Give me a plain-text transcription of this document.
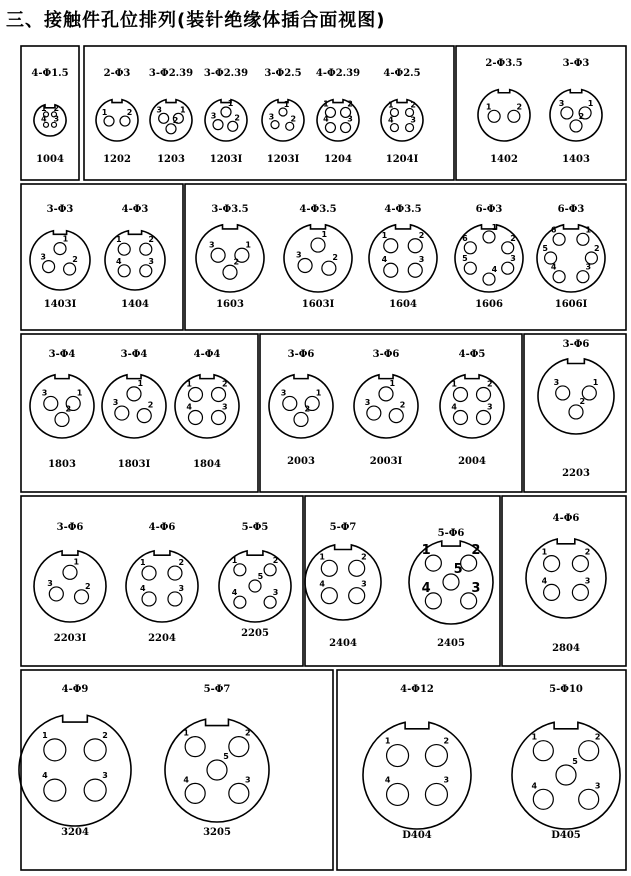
三、接触件孔位排列(装针绝缘体插合面视图)
4-Φ1.5
1 2
4 3
1004
2-Φ3
1 2
1202
3-Φ2.39
3 1
2
1203
3-Φ2.39
1
3 2
1203I
3-Φ2.5
1
3 2
1203I
4-Φ2.39
1 2
4 3
1204
4-Φ2.5
1 2
4 3
1204I
2-Φ3.5
1	2
1402
3-Φ3
3	1
2
1403
3-Φ3
1
3	2
1403I
4-Φ3
1	2
4	3
1404
3-Φ3.5
3	1
2
1603
4-Φ3.5
1
3	2
1603I
4-Φ3.5
1	2
4	3
1604
6-Φ3
1
6	2
5	3
4
1606
6-Φ3
6	1
2
5
4	3
1606I
3-Φ4
3	1
2
1803
3-Φ4
1
3	2
1803I
4-Φ4
1	2
4	3
1804
3-Φ6
3	1
2
2003
3-Φ6
1
3	2
2003I
4-Φ5
1	2
4	3
2004
3-Φ6
3	1
2
2203
3-Φ6
1
3	2
2203I
4-Φ6
1	2
4	3
2204
5-Φ5
1	2
5
4	3
2205
5-Φ7
1	2
4	3
2404
5-Φ6
1	2
5
4	3
2405
4-Φ6
1	2
4	3
2804
4-Φ9
1	2
4	3
3204
5-Φ7
1	2
5
4	3
3205
4-Φ12
1	2
4	3
D404
5-Φ10
1	2
5
4	3
D405
